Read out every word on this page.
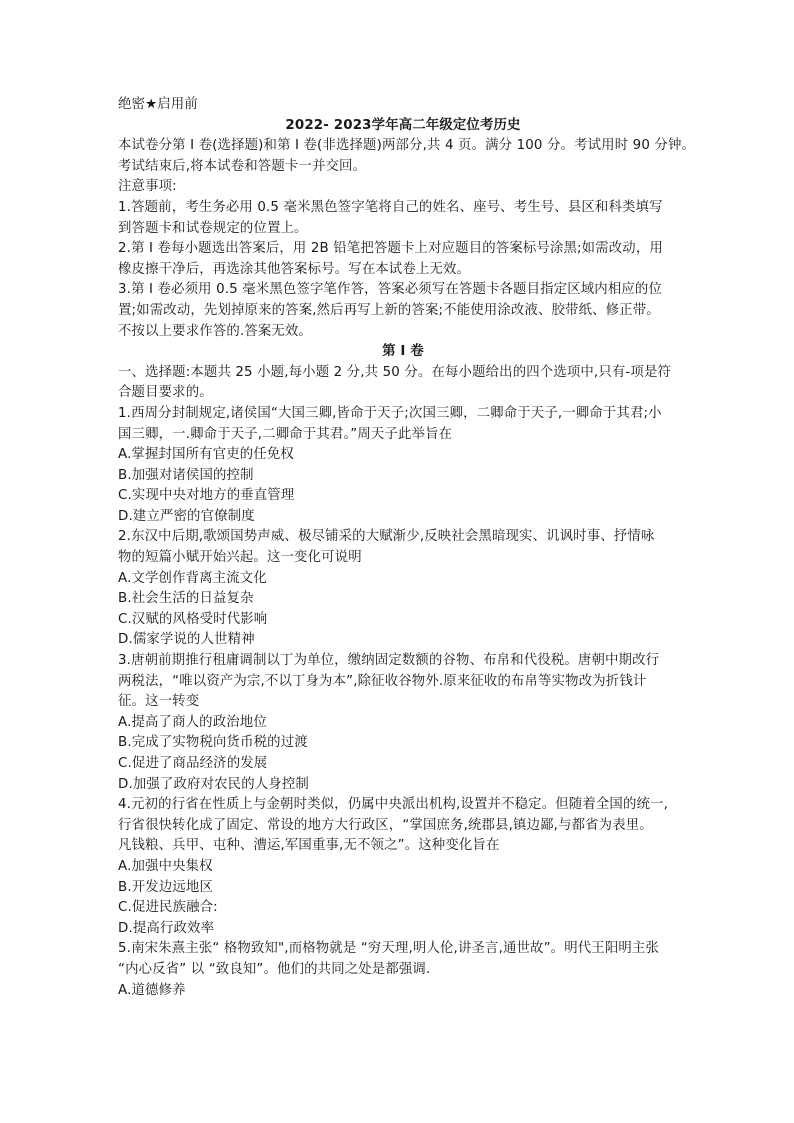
绝密★启用前
2022- 2023学年高二年级定位考历史
本试卷分第 I 卷(选择题)和第 I 卷(非选择题)两部分,共 4 页。满分 100 分。考试用时 90 分钟。
考试结束后,将本试卷和答题卡一并交回。
注意事项:
1.答题前，考生务必用 0.5 毫米黑色签字笔将自己的姓名、座号、考生号、县区和科类填写
到答题卡和试卷规定的位置上。
2.第 I 卷每小题选出答案后，用 2B 铅笔把答题卡上对应题目的答案标号涂黑;如需改动，用
橡皮擦干净后，再选涂其他答案标号。写在本试卷上无效。
3.第 I 卷必须用 0.5 毫米黑色签字笔作答，答案必须写在答题卡各题目指定区域内相应的位
置;如需改动，先划掉原来的答案,然后再写上新的答案;不能使用涂改液、胶带纸、修正带。
不按以上要求作答的.答案无效。
第 I 卷
一、选择题:本题共 25 小题,每小题 2 分,共 50 分。在每小题给出的四个选项中,只有-项是符
合题目要求的。
1.西周分封制规定,诸侯国“大国三卿,皆命于天子;次国三卿，二卿命于天子,一卿命于其君;小
国三卿，一.卿命于天子,二卿命于其君。”周天子此举旨在
A.掌握封国所有官吏的任免权
B.加强对诸侯国的控制
C.实现中央对地方的垂直管理
D.建立严密的官僚制度
2.东汉中后期,歌颂国势声威、极尽铺采的大赋渐少,反映社会黑暗现实、讥讽时事、抒情咏
物的短篇小赋开始兴起。这一变化可说明
A.文学创作背离主流文化
B.社会生活的日益复杂
C.汉赋的风格受时代影响
D.儒家学说的人世精神
3.唐朝前期推行租庸调制以丁为单位，缴纳固定数额的谷物、布帛和代役税。唐朝中期改行
两税法，“唯以资产为宗,不以丁身为本”,除征收谷物外.原来征收的布帛等实物改为折钱计
征。这一转变
A.提高了商人的政治地位
B.完成了实物税向货币税的过渡
C.促进了商品经济的发展
D.加强了政府对农民的人身控制
4.元初的行省在性质上与金朝时类似，仍属中央派出机构,设置并不稳定。但随着全国的统一,
行省很快转化成了固定、常设的地方大行政区，“掌国庶务,统郡县,镇边鄙,与都省为表里。
凡钱粮、兵甲、屯种、漕运,军国重事,无不领之”。这种变化旨在
A.加强中央集权
B.开发边远地区
C.促进民族融合:
D.提高行政效率
5.南宋朱熹主张“ 格物致知",而格物就是 “穷天理,明人伦,讲圣言,通世故”。明代王阳明主张
“内心反省” 以 “致良知”。他们的共同之处是都强调.
A.道德修养
